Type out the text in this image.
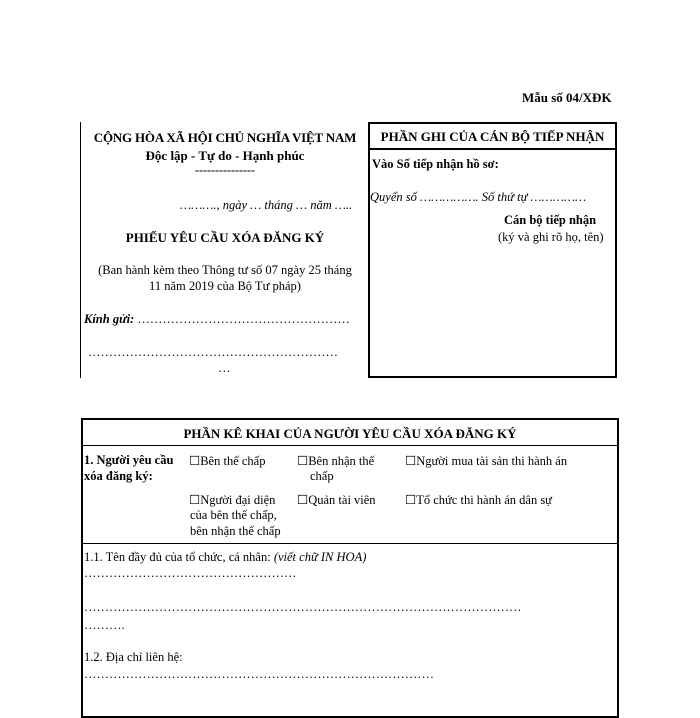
Mẫu số 04/XĐK
CỘNG HÒA XÃ HỘI CHỦ NGHĨA VIỆT NAM
Độc lập - Tự do - Hạnh phúc
---------------
………., ngày … tháng … năm …..
PHIẾU YÊU CẦU XÓA ĐĂNG KÝ
(Ban hành kèm theo Thông tư số 07 ngày 25 tháng
11 năm 2019 của Bộ Tư pháp)
Kính gửi: ……………………………………………
……………………………………………………
…
PHẦN GHI CỦA CÁN BỘ TIẾP NHẬN
Vào Số tiếp nhận hồ sơ:
Quyển số ……………. Số thứ tự ……………
Cán bộ tiếp nhận
(ký và ghi rõ họ, tên)
PHẦN KÊ KHAI CỦA NGƯỜI YÊU CẦU XÓA ĐĂNG KÝ
1. Người yêu cầu
xóa đăng ký:
☐Bên thế chấp	☐Bên nhận thế
chấp
☐Người mua tài sản thi hành án
☐Người đại diện
của bên thế chấp,
bên nhận thế chấp
☐Quản tài viên ☐Tổ chức thi hành án dân sự
1.1. Tên đầy đủ của tổ chức, cá nhân: (viết chữ IN HOA)
……………………………………………
……………………………………………………………………………………………
……….
1.2. Địa chỉ liên hệ:
…………………………………………………………………………
